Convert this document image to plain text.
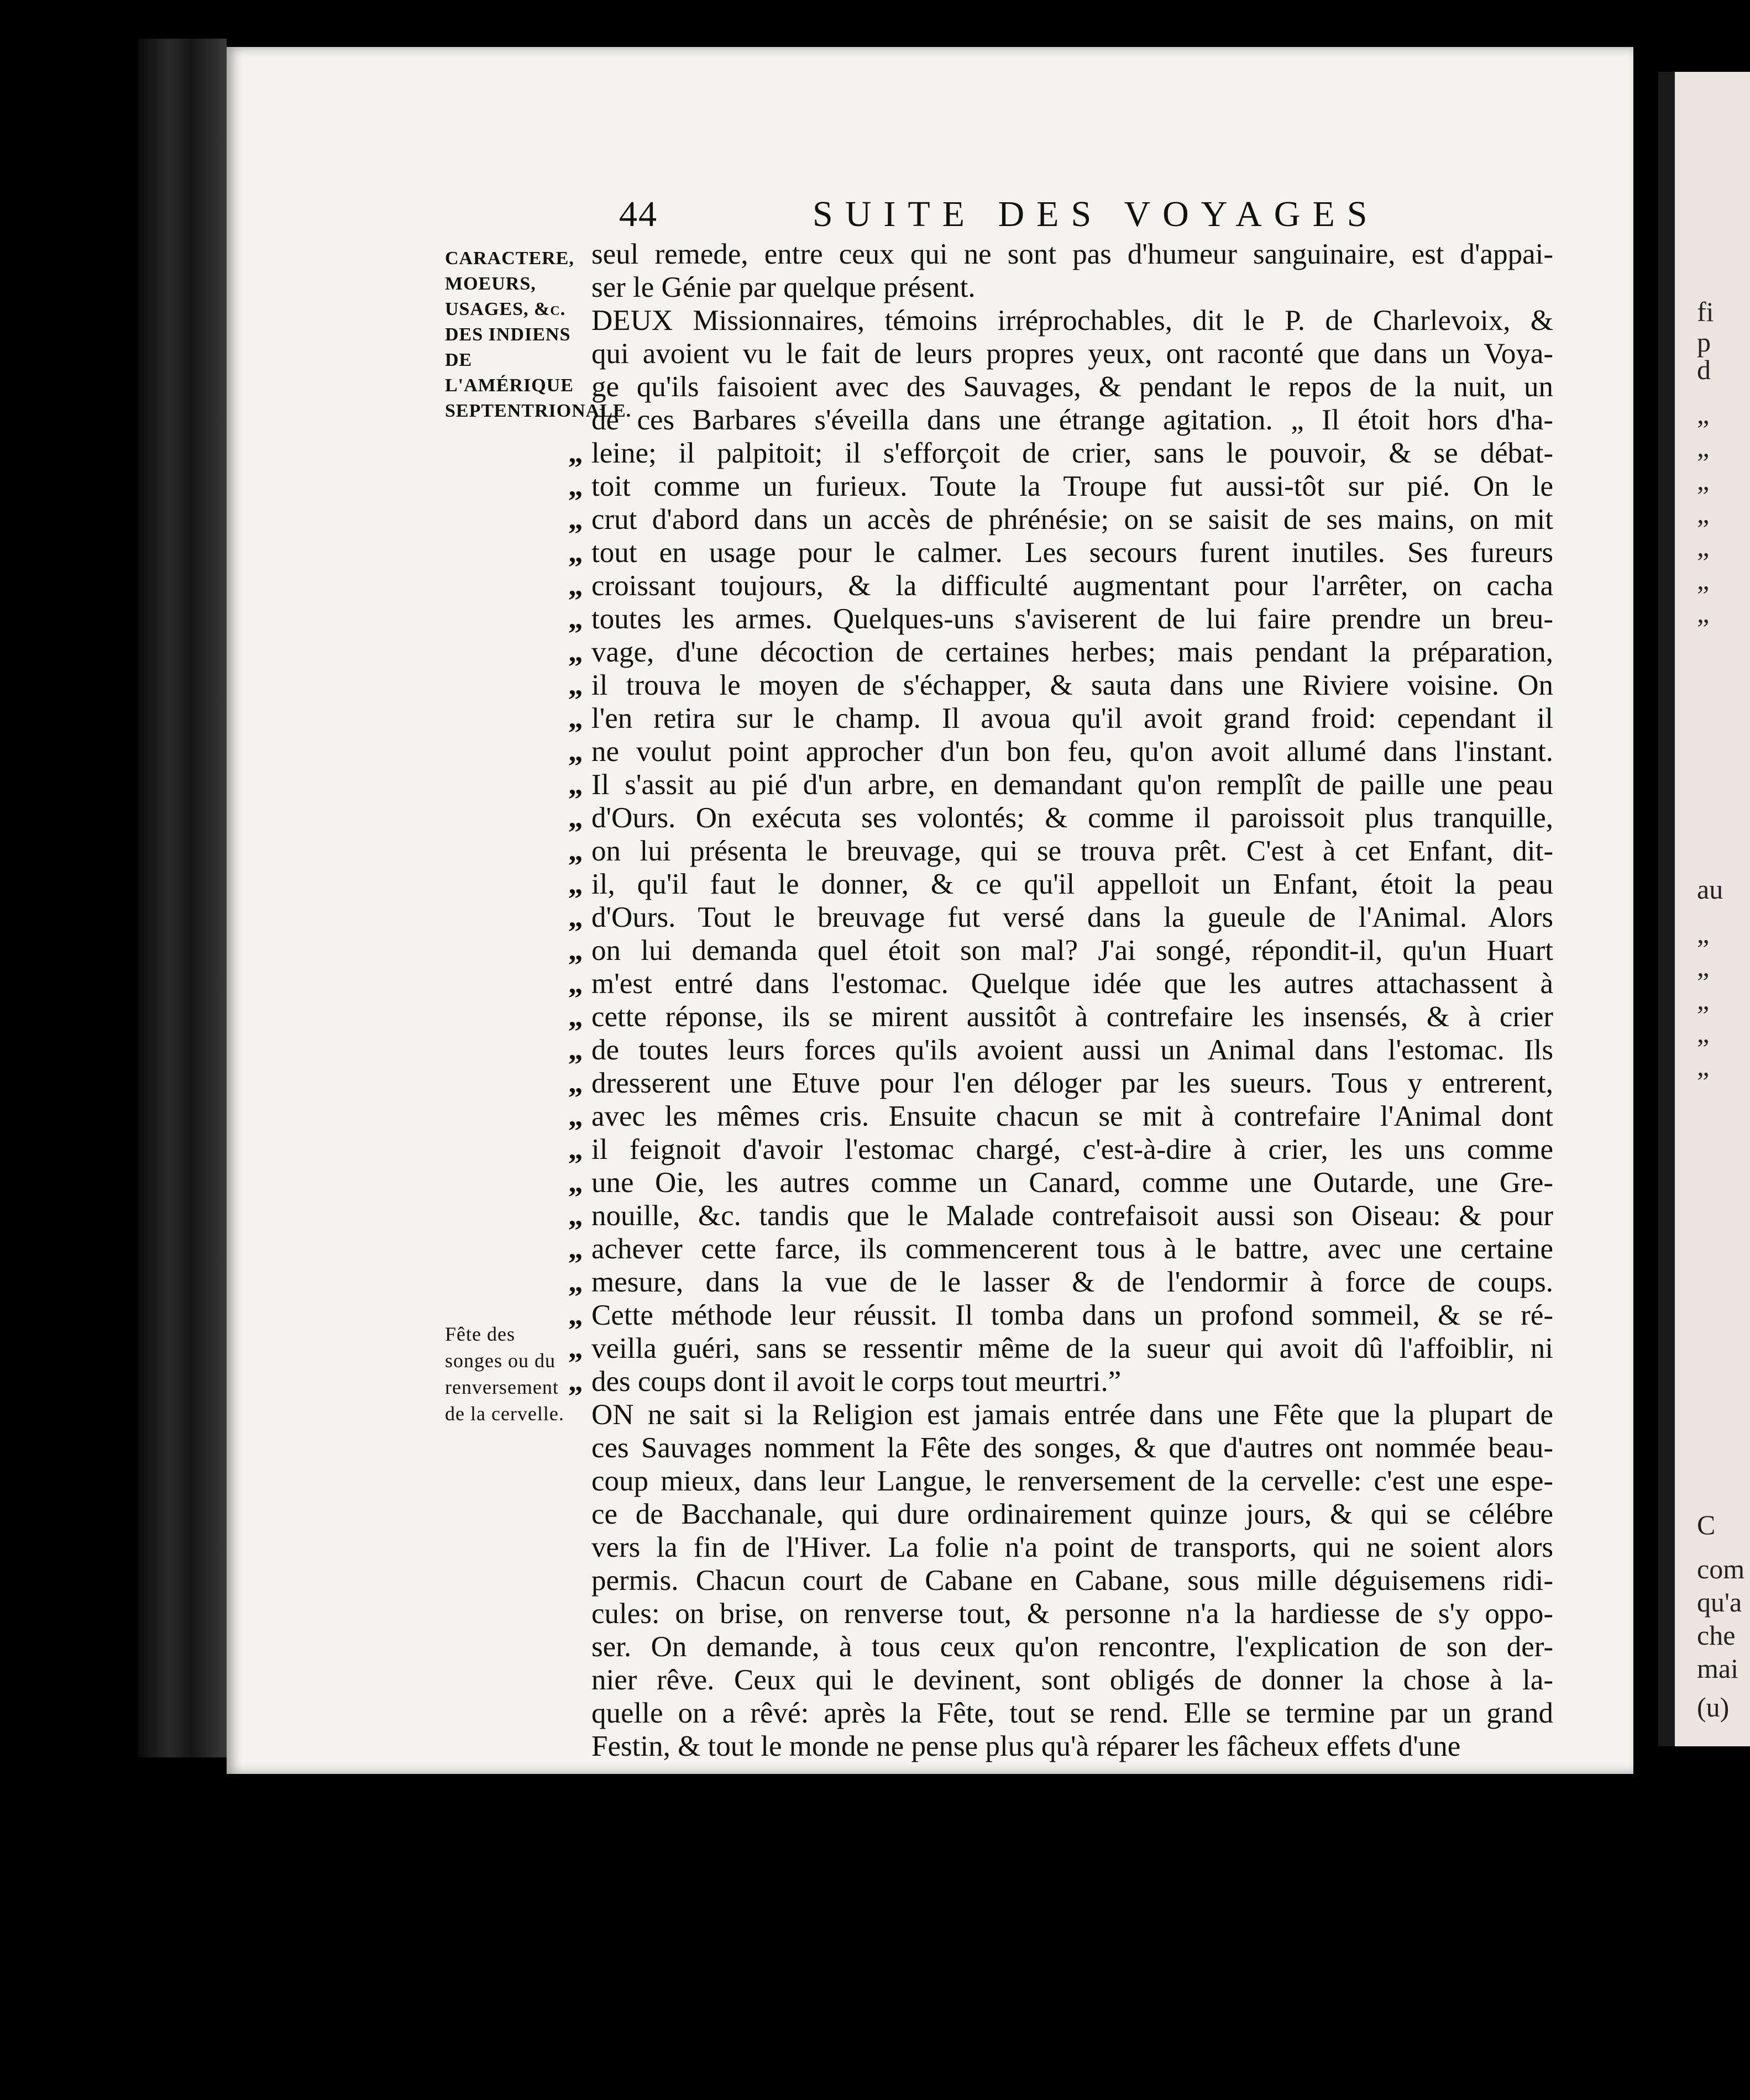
44	SUITE DES VOYAGES
CARACTERE, MOEURS, USAGES, &c. DES INDIENS DE L'AMÉRIQUE SEPTENTRIONALE.
Fête des songes ou du renversement de la cervelle.
seul remede, entre ceux qui ne sont pas d'humeur sanguinaire, est d'appai-
ser le Génie par quelque présent.
DEUX Missionnaires, témoins irréprochables, dit le P. de Charlevoix, &
qui avoient vu le fait de leurs propres yeux, ont raconté que dans un Voya-
ge qu'ils faisoient avec des Sauvages, & pendant le repos de la nuit, un
de ces Barbares s'éveilla dans une étrange agitation. „ Il étoit hors d'ha-
„ leine; il palpitoit; il s'efforçoit de crier, sans le pouvoir, & se débat-
„ toit comme un furieux. Toute la Troupe fut aussi-tôt sur pié. On le
„ crut d'abord dans un accès de phrénésie; on se saisit de ses mains, on mit
„ tout en usage pour le calmer. Les secours furent inutiles. Ses fureurs
„ croissant toujours, & la difficulté augmentant pour l'arrêter, on cacha
„ toutes les armes. Quelques-uns s'aviserent de lui faire prendre un breu-
„ vage, d'une décoction de certaines herbes; mais pendant la préparation,
„ il trouva le moyen de s'échapper, & sauta dans une Riviere voisine. On
„ l'en retira sur le champ. Il avoua qu'il avoit grand froid: cependant il
„ ne voulut point approcher d'un bon feu, qu'on avoit allumé dans l'instant.
„ Il s'assit au pié d'un arbre, en demandant qu'on remplît de paille une peau
„ d'Ours. On exécuta ses volontés; & comme il paroissoit plus tranquille,
„ on lui présenta le breuvage, qui se trouva prêt. C'est à cet Enfant, dit-
„ il, qu'il faut le donner, & ce qu'il appelloit un Enfant, étoit la peau
„ d'Ours. Tout le breuvage fut versé dans la gueule de l'Animal. Alors
„ on lui demanda quel étoit son mal? J'ai songé, répondit-il, qu'un Huart
„ m'est entré dans l'estomac. Quelque idée que les autres attachassent à
„ cette réponse, ils se mirent aussitôt à contrefaire les insensés, & à crier
„ de toutes leurs forces qu'ils avoient aussi un Animal dans l'estomac. Ils
„ dresserent une Etuve pour l'en déloger par les sueurs. Tous y entrerent,
„ avec les mêmes cris. Ensuite chacun se mit à contrefaire l'Animal dont
„ il feignoit d'avoir l'estomac chargé, c'est-à-dire à crier, les uns comme
„ une Oie, les autres comme un Canard, comme une Outarde, une Gre-
„ nouille, &c. tandis que le Malade contrefaisoit aussi son Oiseau: & pour
„ achever cette farce, ils commencerent tous à le battre, avec une certaine
„ mesure, dans la vue de le lasser & de l'endormir à force de coups.
„ Cette méthode leur réussit. Il tomba dans un profond sommeil, & se ré-
„ veilla guéri, sans se ressentir même de la sueur qui avoit dû l'affoiblir, ni
„ des coups dont il avoit le corps tout meurtri.”
ON ne sait si la Religion est jamais entrée dans une Fête que la plupart de
ces Sauvages nomment la Fête des songes, & que d'autres ont nommée beau-
coup mieux, dans leur Langue, le renversement de la cervelle: c'est une espe-
ce de Bacchanale, qui dure ordinairement quinze jours, & qui se célébre
vers la fin de l'Hiver. La folie n'a point de transports, qui ne soient alors
permis. Chacun court de Cabane en Cabane, sous mille déguisemens ridi-
cules: on brise, on renverse tout, & personne n'a la hardiesse de s'y oppo-
ser. On demande, à tous ceux qu'on rencontre, l'explication de son der-
nier rêve. Ceux qui le devinent, sont obligés de donner la chose à la-
quelle on a rêvé: après la Fête, tout se rend. Elle se termine par un grand
Festin, & tout le monde ne pense plus qu'à réparer les fâcheux effets d'une
fi
p
d
„
„
„
„
„
„
„
au
„
„
„
„
„
C
com
qu'a
che
mai
(u)
